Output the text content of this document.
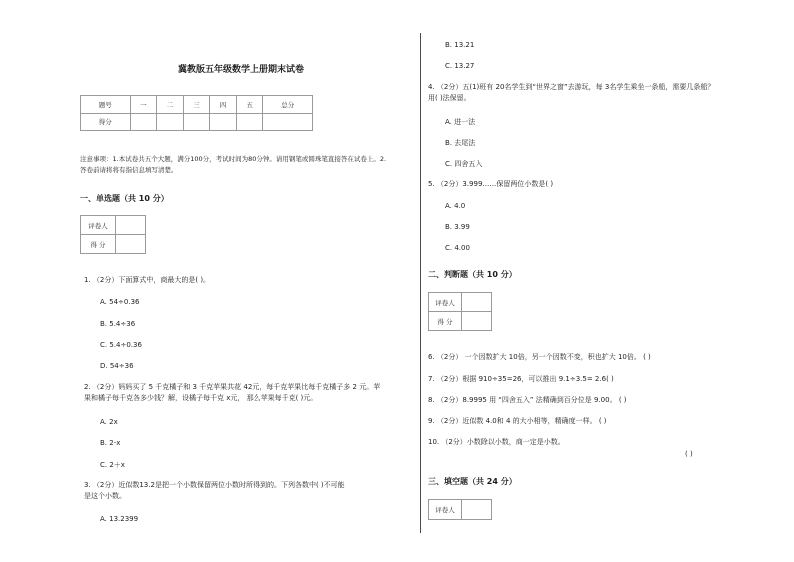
冀教版五年级数学上册期末试卷
题号	一	二	三	四	五	总分
得分						
注意事项：1.本试卷共五个大题，满分100分，考试时间为80分钟。请用钢笔或圆珠笔直接答在试卷上。2.
答卷前请将将有指信息填写清楚。
一、单选题（共 10 分）
评卷人	
得 分	
1. （2分）下面算式中，商最大的是( )。
A. 54÷0.36
B. 5.4÷36
C. 5.4÷0.36
D. 54÷36
2. （2分）妈妈买了 5 千克橘子和 3 千克苹果共花 42元，每千克苹果比每千克橘子多 2 元。苹
果和橘子每千克各多少钱？解，设橘子每千克 x元， 那么苹果每千克( )元。
A. 2x
B. 2-x
C. 2＋x
3. （2分）近似数13.2是把一个小数保留两位小数时所得到的。下列各数中( )不可能
是这个小数。
A. 13.2399
B. 13.21
C. 13.27
4. （2分）五(1)班有 20名学生到“世界之窗”去游玩，每 3名学生乘坐一条船，需要几条船？
用( )法保留。
A. 进一法
B. 去尾法
C. 四舍五入
5. （2分）3.999……保留两位小数是( )
A. 4.0
B. 3.99
C. 4.00
二、判断题（共 10 分）
评卷人	
得 分	
6. （2分） 一个因数扩大 10倍，另一个因数不变，积也扩大 10倍。 ( )
7. （2分）根据 910÷35=26，可以推出 9.1÷3.5= 2.6( )
8. （2分）8.9995 用 “四舍五入” 法精确到百分位是 9.00。 ( )
9. （2分）近似数 4.0和 4 的大小相等，精确度一样。 ( )
10. （2分）小数除以小数，商一定是小数。
( )
三、填空题（共 24 分）
评卷人	
